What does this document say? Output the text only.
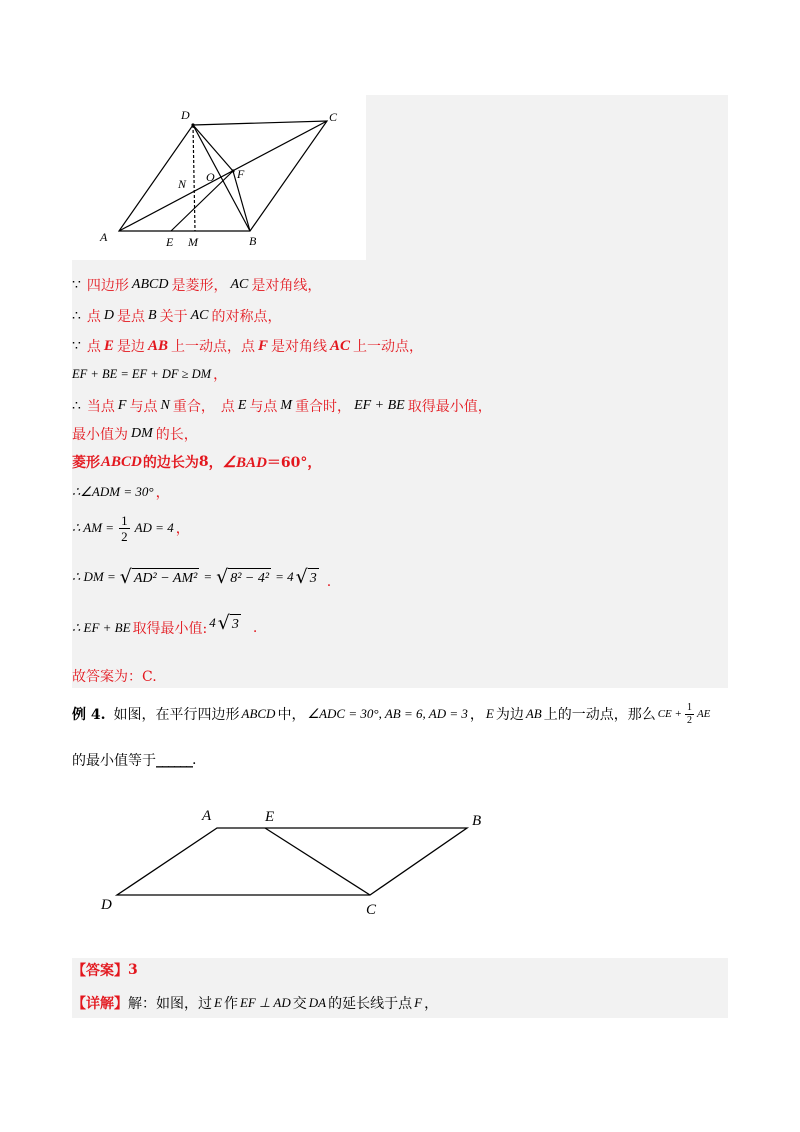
D	C
A	B
E M
N O F
∵ 四边形 ABCD 是菱形， AC 是对角线，
∴ 点 D 是点 B 关于 AC 的对称点，
∵ 点 E 是边 AB 上一动点，点 F 是对角线 AC 上一动点，
EF + BE = EF + DF ≥ DM ，
∴ 当点 F 与点 N 重合， 点 E 与点 M 重合时， EF + BE 取得最小值，
最小值为 DM 的长，
菱形 ABCD 的边长为 8 ， ∠BAD ＝60°，
∴∠ADM = 30° ，
∴ AM = $\frac{1}{2}$ AD = 4 ，
∴ DM = √ AD² − AM² = √ 8² − 4² = 4 √ 3 .
∴ EF + BE 取得最小值: 4 √ 3 .
故答案为：C.
例 4. 如图，在平行四边形 ABCD 中， ∠ADC = 30°, AB = 6, AD = 3 ， E 为边 AB 上的一动点，那么 CE + $\frac{1}{2}$ AE
的最小值等于 ______ .
A	E	B
D	C
【答案】 3
【详解】 解：如图，过 E 作 EF ⊥ AD 交 DA 的延长线于点 F ，
